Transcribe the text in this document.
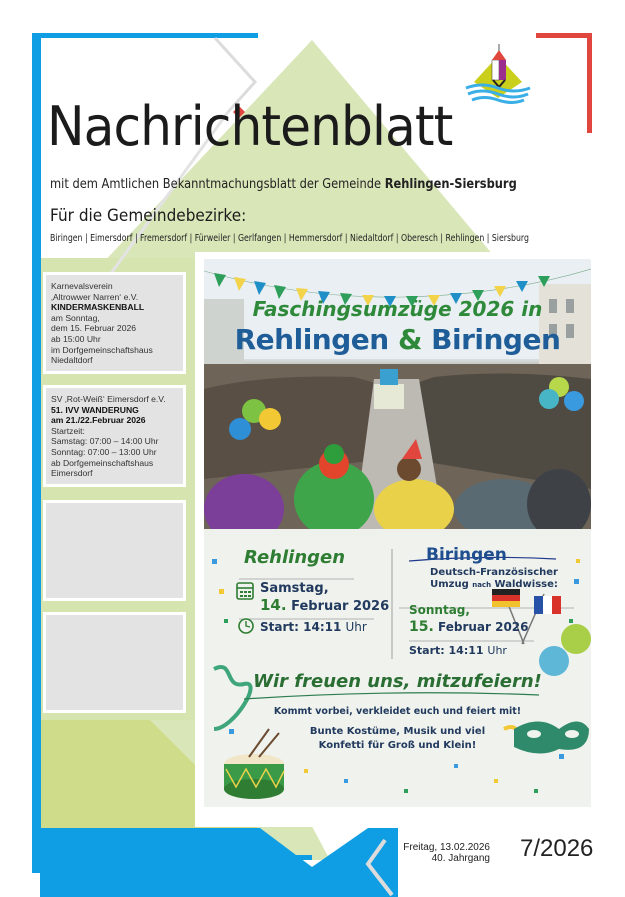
Nachrichtenblatt
mit dem Amtlichen Bekanntmachungsblatt der Gemeinde Rehlingen-Siersburg
Für die Gemeindebezirke:
Biringen | Eimersdorf | Fremersdorf | Fürweiler | Gerlfangen | Hemmersdorf | Niedaltdorf | Oberesch | Rehlingen | Siersburg
Karnevalsverein
‚Altrowwer Narren‘ e.V.
KINDERMASKENBALL
am Sonntag,
dem 15. Februar 2026
ab 15:00 Uhr
im Dorfgemeinschaftshaus
Niedaltdorf
SV ‚Rot-Weiß‘ Eimersdorf e.V.
51. IVV WANDERUNG
am 21./22.Februar 2026
Startzeit:
Samstag: 07:00 – 14:00 Uhr
Sonntag: 07:00 – 13:00 Uhr
ab Dorfgemeinschaftshaus
Eimersdorf
Faschingsumzüge 2026 in
Rehlingen & Biringen
Rehlingen
Samstag,
14. Februar 2026
Start: 14:11 Uhr
Biringen
Deutsch-Französischer
Umzug nach Waldwisse:
Sonntag,
15. Februar 2026
Start: 14:11 Uhr
Wir freuen uns, mitzufeiern!
Kommt vorbei, verkleidet euch und feiert mit!
Bunte Kostüme, Musik und viel
Konfetti für Groß und Klein!
Freitag, 13.02.2026
40. Jahrgang 7/2026
